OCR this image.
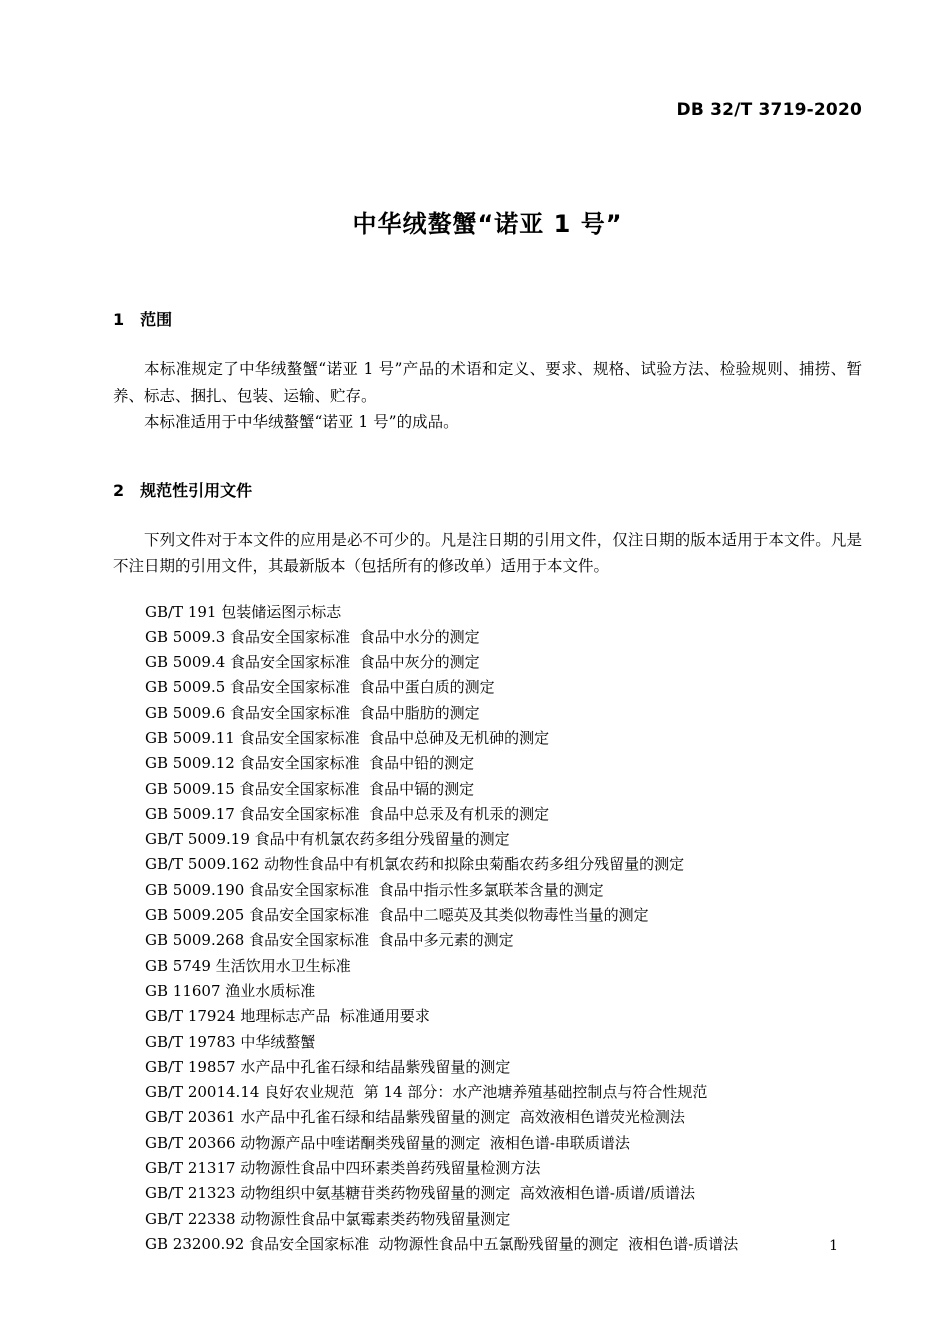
DB 32/T 3719-2020
中华绒螯蟹“诺亚 1 号”
1 范围

本标准规定了中华绒螯蟹“诺亚 1 号”产品的术语和定义、要求、规格、试验方法、检验规则、捕捞、暂养、标志、捆扎、包装、运输、贮存。

本标准适用于中华绒螯蟹“诺亚 1 号”的成品。

2 规范性引用文件

下列文件对于本文件的应用是必不可少的。凡是注日期的引用文件，仅注日期的版本适用于本文件。凡是不注日期的引用文件，其最新版本（包括所有的修改单）适用于本文件。

GB/T 191 包装储运图示标志
GB 5009.3 食品安全国家标准  食品中水分的测定
GB 5009.4 食品安全国家标准  食品中灰分的测定
GB 5009.5 食品安全国家标准  食品中蛋白质的测定
GB 5009.6 食品安全国家标准  食品中脂肪的测定
GB 5009.11 食品安全国家标准  食品中总砷及无机砷的测定
GB 5009.12 食品安全国家标准  食品中铅的测定
GB 5009.15 食品安全国家标准  食品中镉的测定
GB 5009.17 食品安全国家标准  食品中总汞及有机汞的测定
GB/T 5009.19 食品中有机氯农药多组分残留量的测定
GB/T 5009.162 动物性食品中有机氯农药和拟除虫菊酯农药多组分残留量的测定
GB 5009.190 食品安全国家标准  食品中指示性多氯联苯含量的测定
GB 5009.205 食品安全国家标准  食品中二噁英及其类似物毒性当量的测定
GB 5009.268 食品安全国家标准  食品中多元素的测定
GB 5749 生活饮用水卫生标准
GB 11607 渔业水质标准
GB/T 17924 地理标志产品  标准通用要求
GB/T 19783 中华绒螯蟹
GB/T 19857 水产品中孔雀石绿和结晶紫残留量的测定
GB/T 20014.14 良好农业规范  第 14 部分：水产池塘养殖基础控制点与符合性规范
GB/T 20361 水产品中孔雀石绿和结晶紫残留量的测定  高效液相色谱荧光检测法
GB/T 20366 动物源产品中喹诺酮类残留量的测定  液相色谱-串联质谱法
GB/T 21317 动物源性食品中四环素类兽药残留量检测方法
GB/T 21323 动物组织中氨基糖苷类药物残留量的测定  高效液相色谱-质谱/质谱法
GB/T 22338 动物源性食品中氯霉素类药物残留量测定
GB 23200.92 食品安全国家标准  动物源性食品中五氯酚残留量的测定  液相色谱-质谱法	1
